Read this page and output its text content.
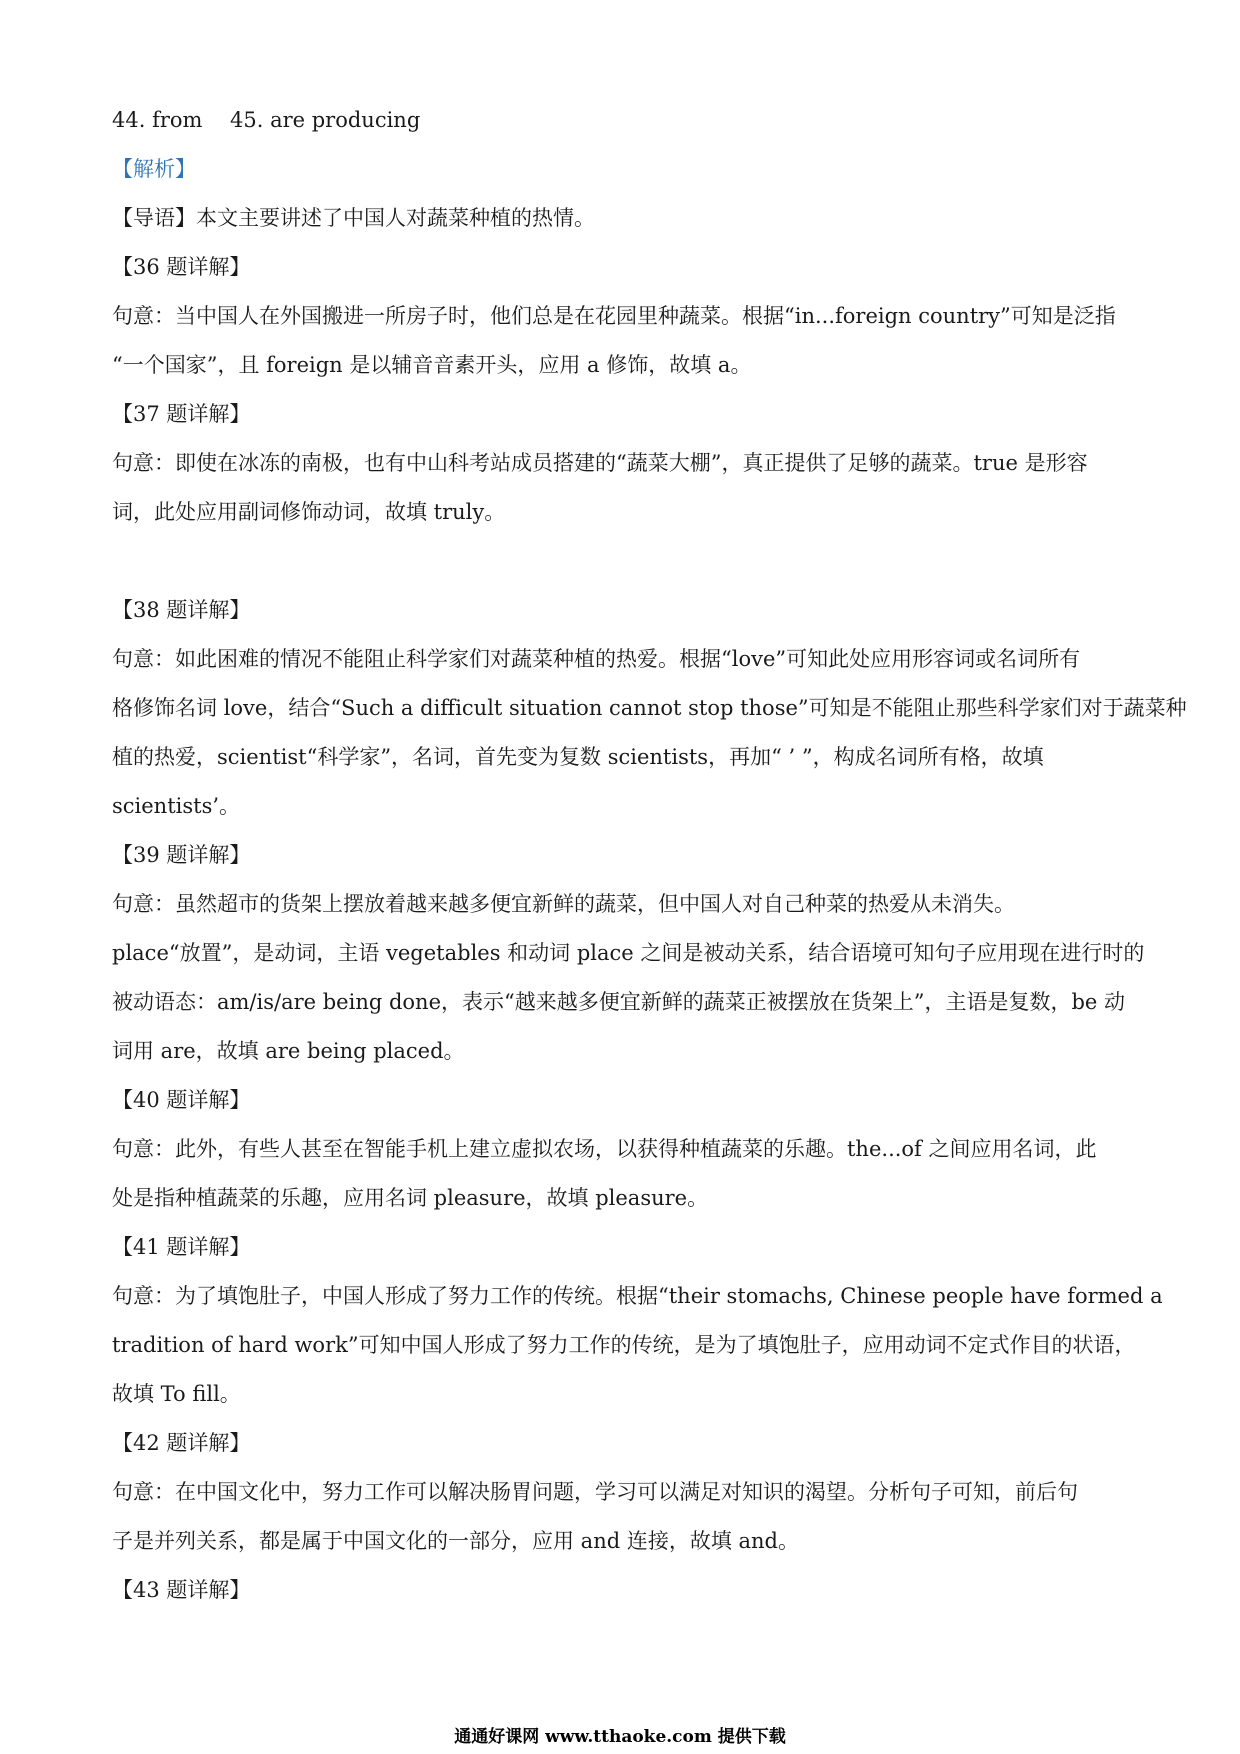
44. from 45. are producing
【解析】
【导语】本文主要讲述了中国人对蔬菜种植的热情。
【36 题详解】
句意：当中国人在外国搬进一所房子时，他们总是在花园里种蔬菜。根据“in...foreign country”可知是泛指
“一个国家”，且 foreign 是以辅音音素开头，应用 a 修饰，故填 a。
【37 题详解】
句意：即使在冰冻的南极，也有中山科考站成员搭建的“蔬菜大棚”，真正提供了足够的蔬菜。true 是形容
词，此处应用副词修饰动词，故填 truly。
【38 题详解】
句意：如此困难的情况不能阻止科学家们对蔬菜种植的热爱。根据“love”可知此处应用形容词或名词所有
格修饰名词 love，结合“Such a difficult situation cannot stop those”可知是不能阻止那些科学家们对于蔬菜种
植的热爱，scientist“科学家”，名词，首先变为复数 scientists，再加“ ’ ”，构成名词所有格，故填
scientists’。
【39 题详解】
句意：虽然超市的货架上摆放着越来越多便宜新鲜的蔬菜，但中国人对自己种菜的热爱从未消失。
place“放置”，是动词，主语 vegetables 和动词 place 之间是被动关系，结合语境可知句子应用现在进行时的
被动语态：am/is/are being done，表示“越来越多便宜新鲜的蔬菜正被摆放在货架上”，主语是复数，be 动
词用 are，故填 are being placed。
【40 题详解】
句意：此外，有些人甚至在智能手机上建立虚拟农场，以获得种植蔬菜的乐趣。the...of 之间应用名词，此
处是指种植蔬菜的乐趣，应用名词 pleasure，故填 pleasure。
【41 题详解】
句意：为了填饱肚子，中国人形成了努力工作的传统。根据“their stomachs, Chinese people have formed a
tradition of hard work”可知中国人形成了努力工作的传统，是为了填饱肚子，应用动词不定式作目的状语，
故填 To fill。
【42 题详解】
句意：在中国文化中，努力工作可以解决肠胃问题，学习可以满足对知识的渴望。分析句子可知，前后句
子是并列关系，都是属于中国文化的一部分，应用 and 连接，故填 and。
【43 题详解】
通通好课网 www.tthaoke.com 提供下载
